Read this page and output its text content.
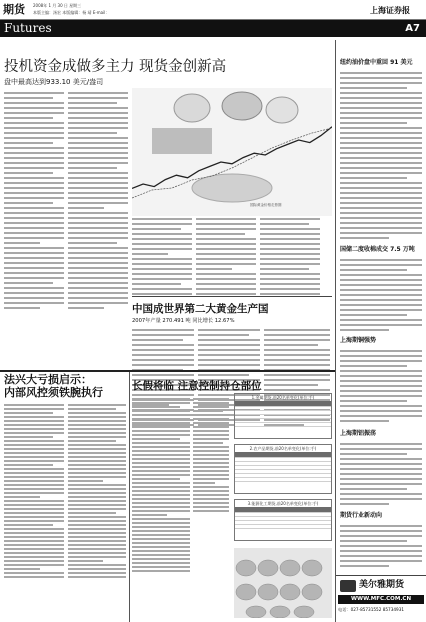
期货 2008年 1 月 30 日 星期三
本版主编：汤宏 本版编辑：杨 靖 E-mail：	上海证券报
Futures	A7
投机资金成做多主力 现货金创新高
盘中最高达到933.10 美元/盎司
国际黄金价格走势图
中国成世界第二大黄金生产国
2007年产量 270.491 吨 同比增长 12.67%
纽约油价盘中重回 91 美元
国储二度收棉成交 7.5 万吨
上海期铜强势
上海期铝振荡
期货行业新动向
法兴大亏损启示：
内部风控须铁腕执行	长假将临 注意控制持仓部位
1.金属期货,前20名单变化(单位:手)
2.农产品期货,前20名单变化(单位:手)
3.能源化工期货,前20名单变化(单位:手)
美尔雅期货
WWW.MFC.COM.CN
电话：027-85731552 85734931
